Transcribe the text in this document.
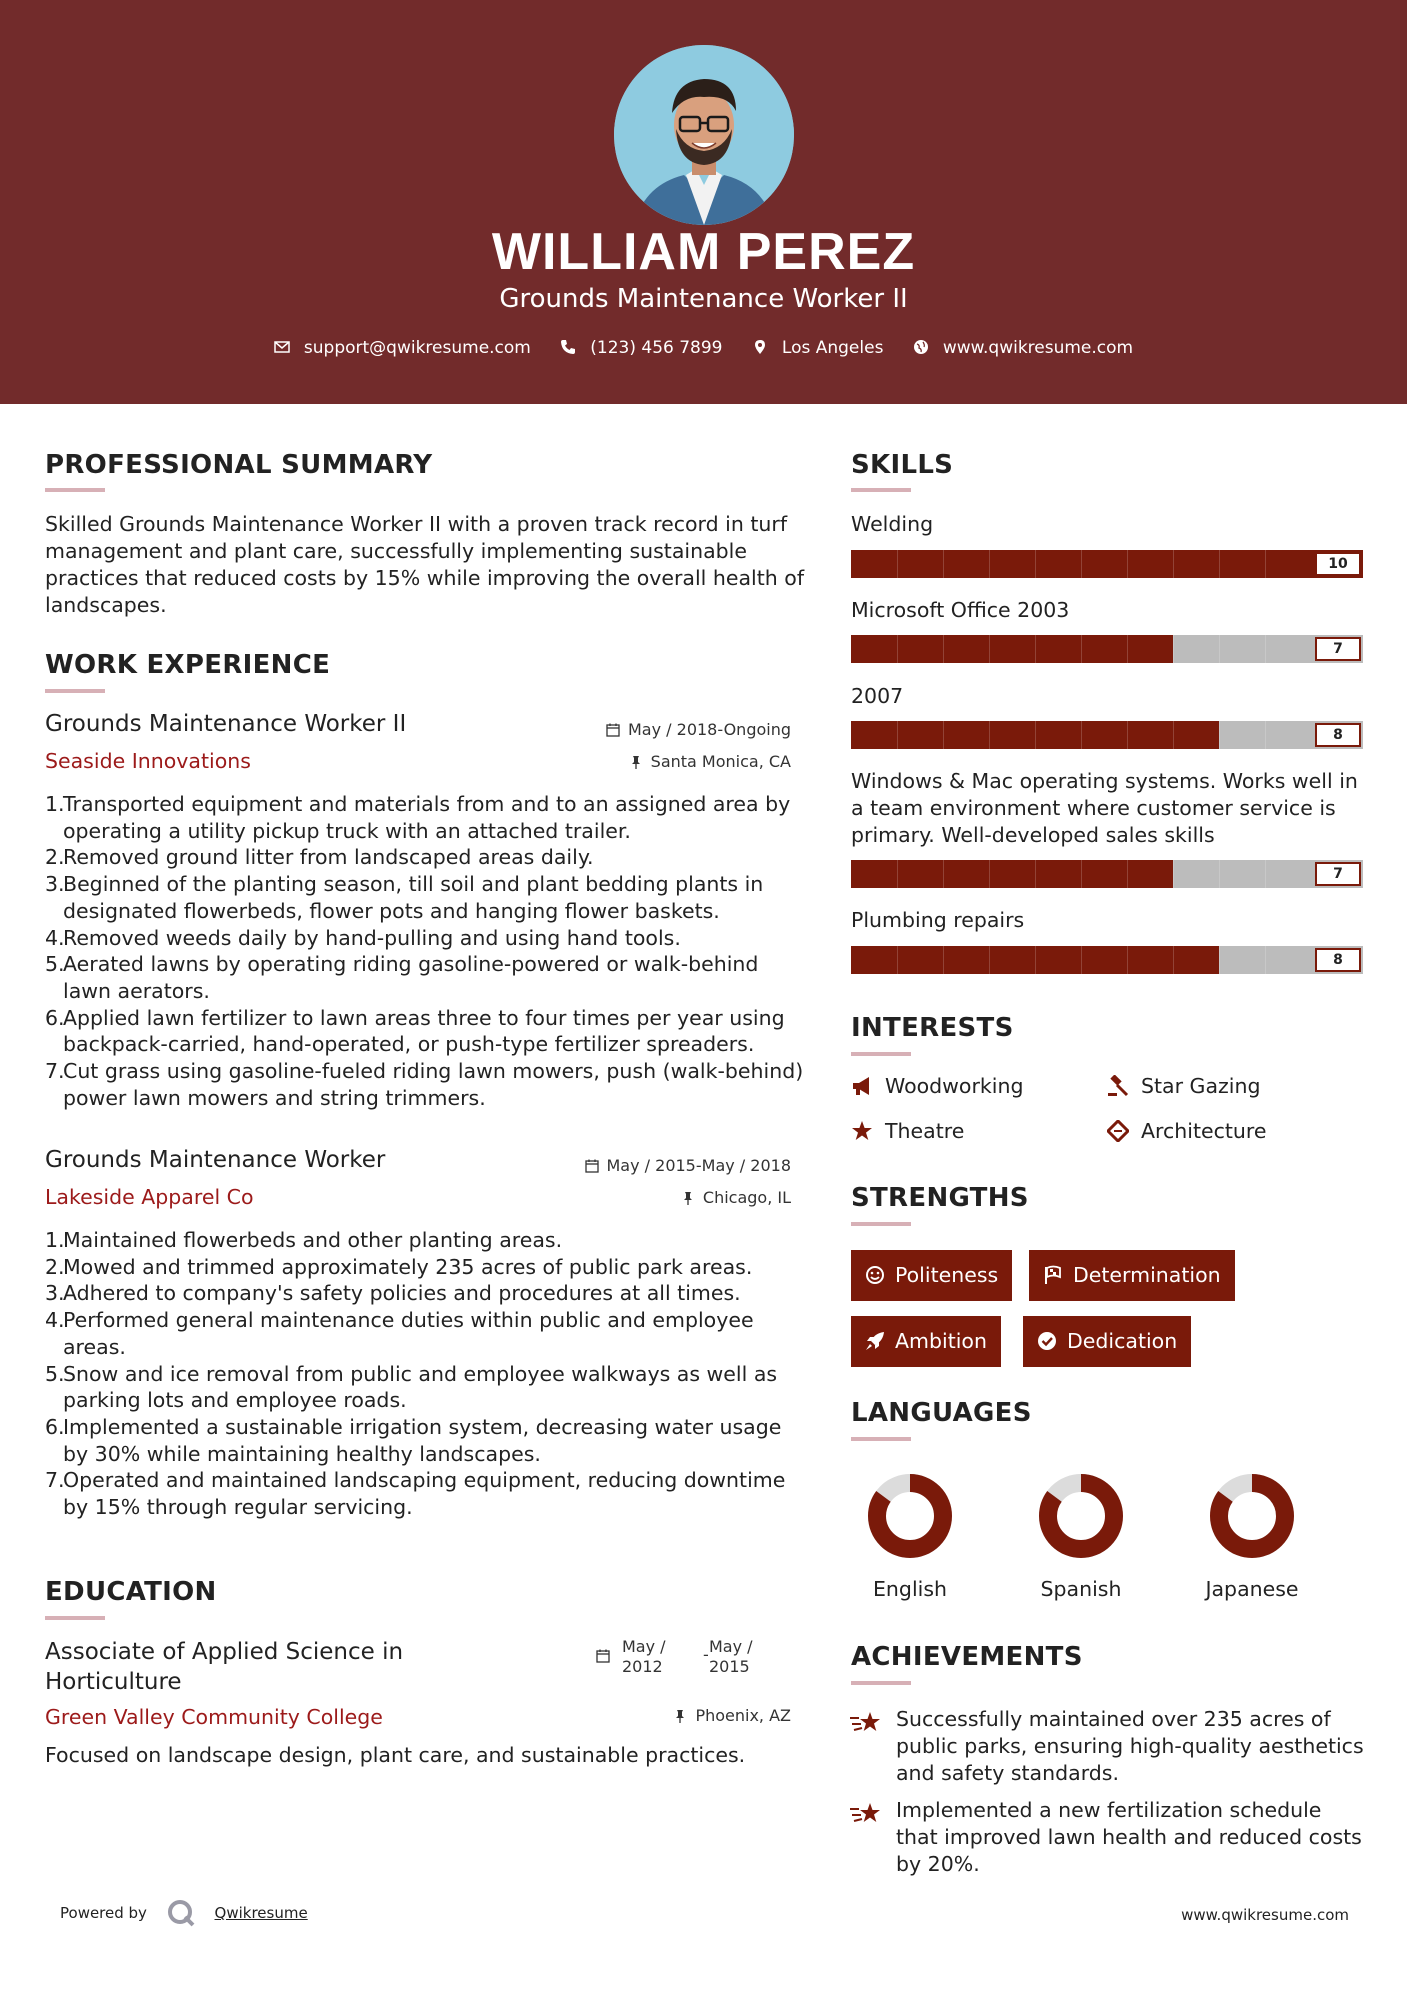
WILLIAM PEREZ
Grounds Maintenance Worker II
support@qwikresume.com	(123) 456 7899	Los Angeles	www.qwikresume.com
PROFESSIONAL SUMMARY
Skilled Grounds Maintenance Worker II with a proven track record in turf management and plant care, successfully implementing sustainable practices that reduced costs by 15% while improving the overall health of landscapes.
WORK EXPERIENCE
Grounds Maintenance Worker II	May / 2018-Ongoing
Seaside Innovations	Santa Monica, CA
1.
Transported equipment and materials from and to an assigned area by operating a utility pickup truck with an attached trailer.
2.
Removed ground litter from landscaped areas daily.
3.
Beginned of the planting season, till soil and plant bedding plants in designated flowerbeds, flower pots and hanging flower baskets.
4.
Removed weeds daily by hand-pulling and using hand tools.
5.
Aerated lawns by operating riding gasoline-powered or walk-behind lawn aerators.
6.
Applied lawn fertilizer to lawn areas three to four times per year using backpack-carried, hand-operated, or push-type fertilizer spreaders.
7.
Cut grass using gasoline-fueled riding lawn mowers, push (walk-behind) power lawn mowers and string trimmers.
Grounds Maintenance Worker	May / 2015-May / 2018
Lakeside Apparel Co	Chicago, IL
1.
Maintained flowerbeds and other planting areas.
2.
Mowed and trimmed approximately 235 acres of public park areas.
3.
Adhered to company's safety policies and procedures at all times.
4.
Performed general maintenance duties within public and employee areas.
5.
Snow and ice removal from public and employee walkways as well as parking lots and employee roads.
6.
Implemented a sustainable irrigation system, decreasing water usage by 30% while maintaining healthy landscapes.
7.
Operated and maintained landscaping equipment, reducing downtime by 15% through regular servicing.
EDUCATION
Associate of Applied Science in Horticulture
May / 2012
- May / 2015
Green Valley Community College	Phoenix, AZ
Focused on landscape design, plant care, and sustainable practices.
SKILLS
Welding
10
Microsoft Office 2003
7
2007
8
Windows & Mac operating systems. Works well in a team environment where customer service is primary. Well-developed sales skills
7
Plumbing repairs
8
INTERESTS
Woodworking	Star Gazing
Theatre	Architecture
STRENGTHS
Politeness	Determination
Ambition	Dedication
LANGUAGES
English	Spanish	Japanese
ACHIEVEMENTS
Successfully maintained over 235 acres of public parks, ensuring high-quality aesthetics and safety standards.
Implemented a new fertilization schedule that improved lawn health and reduced costs by 20%.
Powered by	Qwikresume	www.qwikresume.com
